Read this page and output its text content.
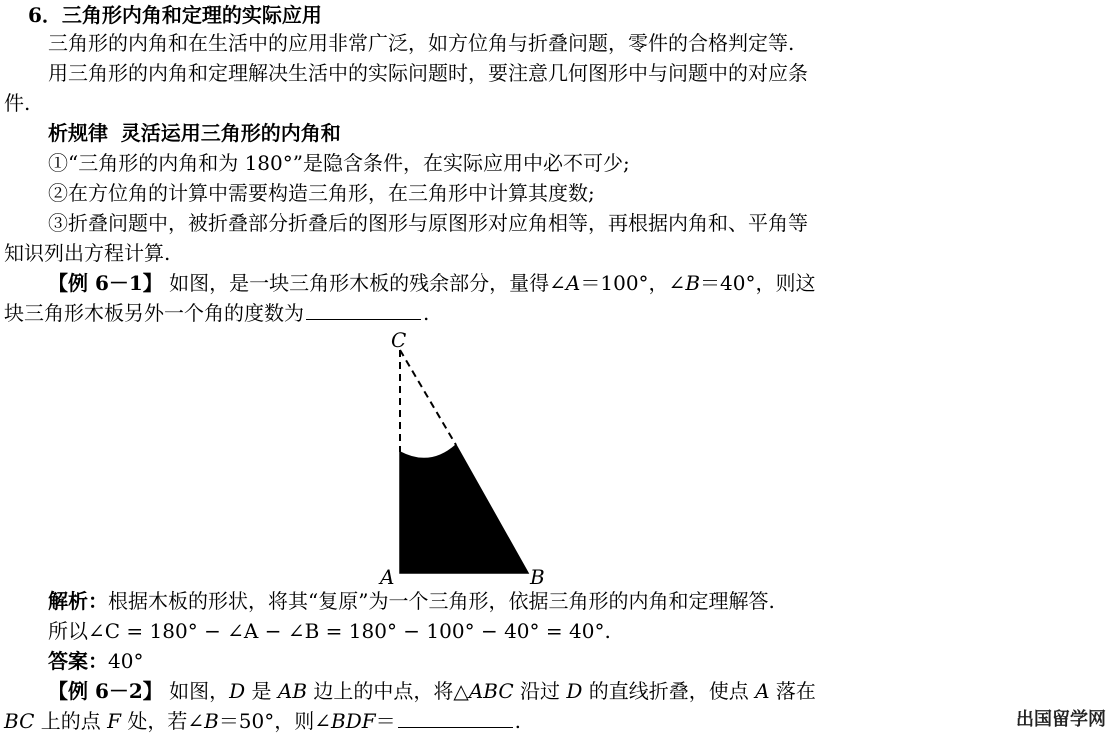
6．三角形内角和定理的实际应用
三角形的内角和在生活中的应用非常广泛，如方位角与折叠问题，零件的合格判定等.
用三角形的内角和定理解决生活中的实际问题时，要注意几何图形中与问题中的对应条
件.
析规律 灵活运用三角形的内角和
①“三角形的内角和为 180°”是隐含条件，在实际应用中必不可少;
②在方位角的计算中需要构造三角形，在三角形中计算其度数;
③折叠问题中，被折叠部分折叠后的图形与原图形对应角相等，再根据内角和、平角等
知识列出方程计算.
【例 6－1】 如图，是一块三角形木板的残余部分，量得∠A＝100°，∠B＝40°，则这
块三角形木板另外一个角的度数为	.
C
A	B
解析：根据木板的形状，将其“复原”为一个三角形，依据三角形的内角和定理解答.
所以∠C = 180° − ∠A − ∠B = 180° − 100° − 40° = 40°.
答案：40°
【例 6－2】 如图，D 是 AB 边上的中点，将△ABC 沿过 D 的直线折叠，使点 A 落在
BC 上的点 F 处，若∠B＝50°，则∠BDF＝	.	出国留学网
